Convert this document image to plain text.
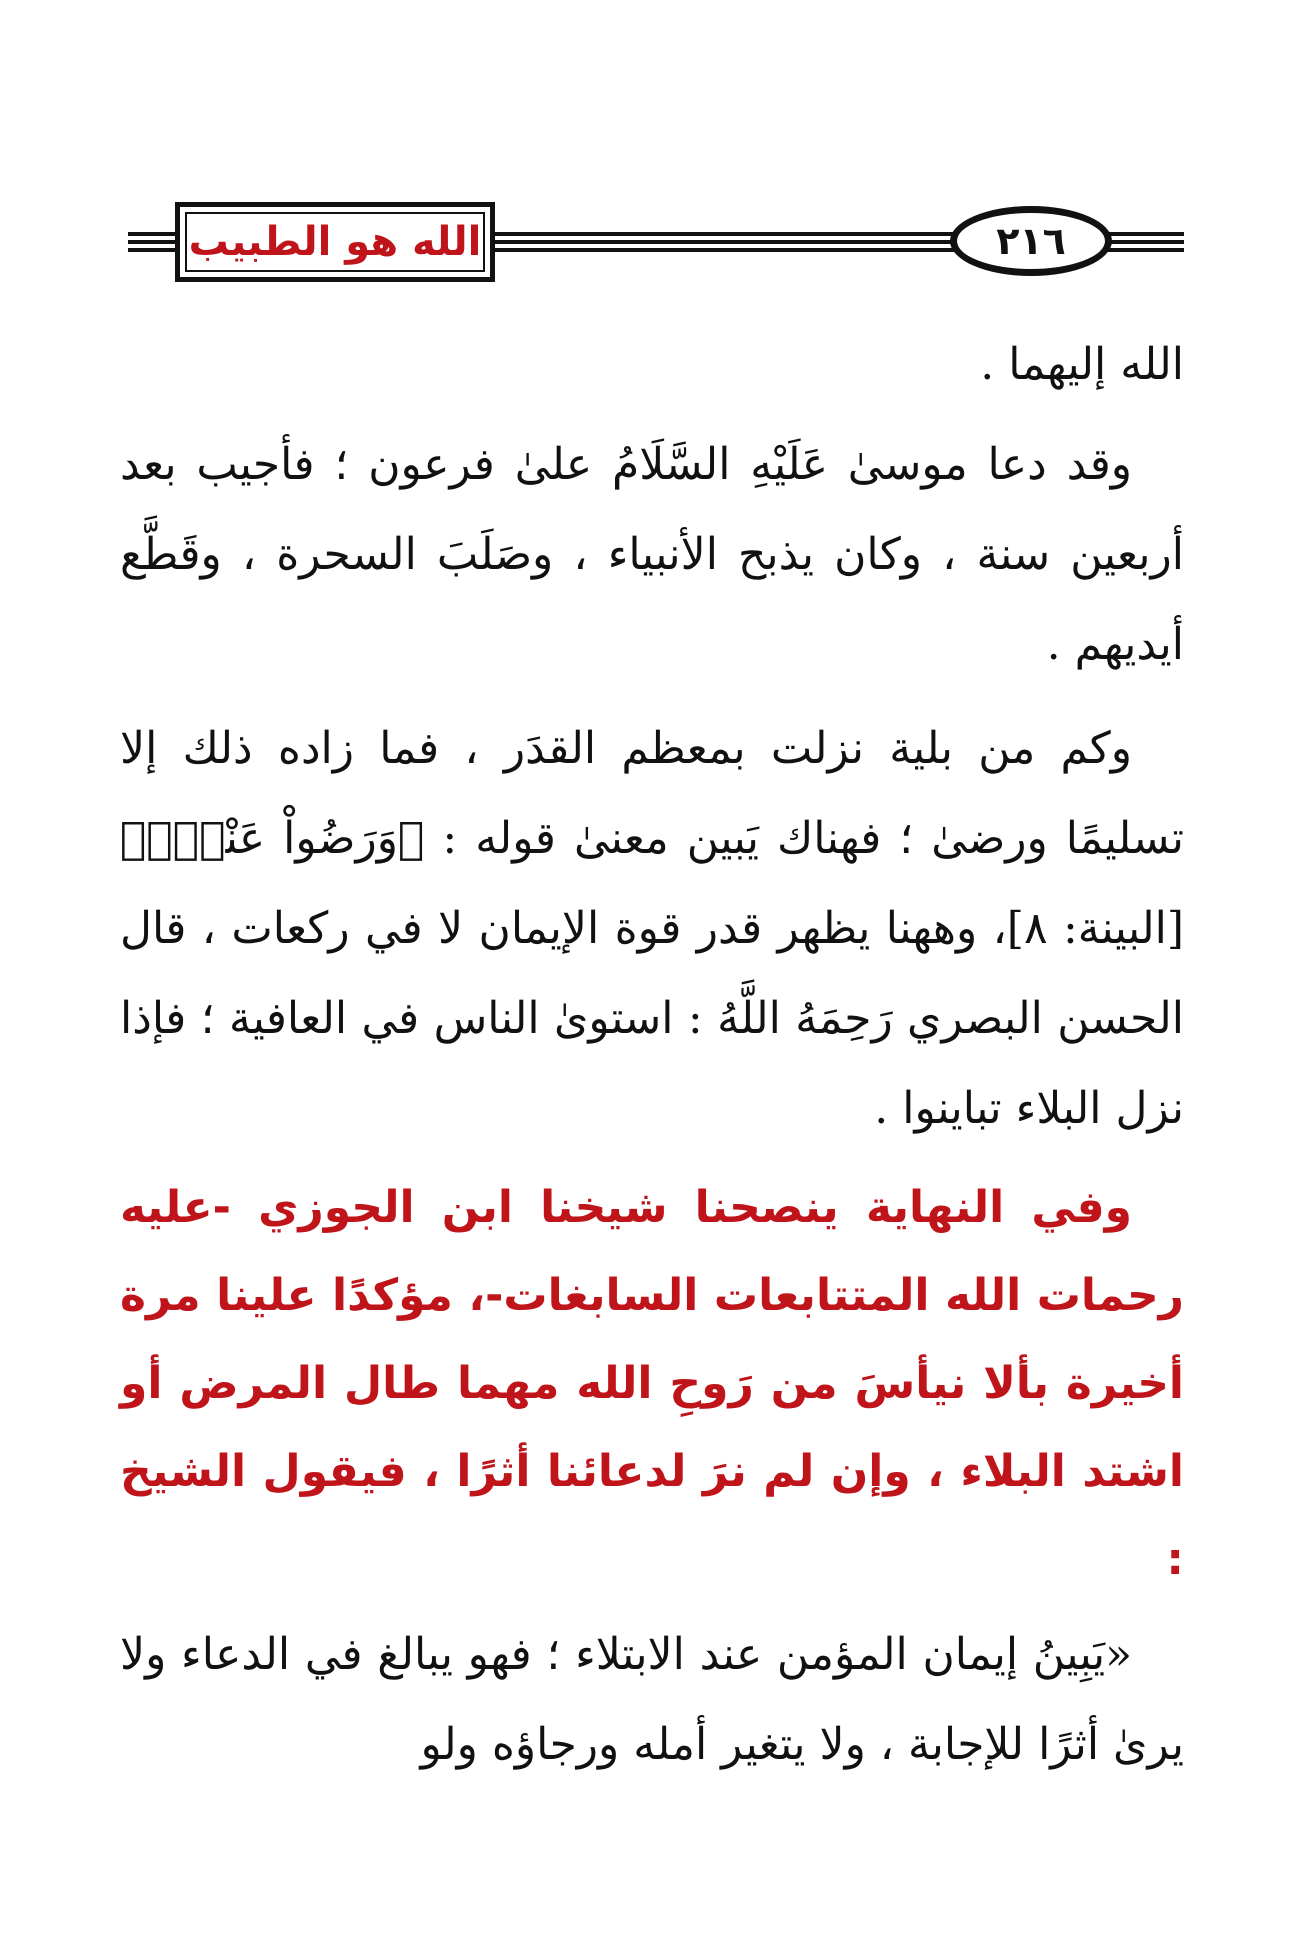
الله هو الطبيب	٢١٦

الله إليهما .

وقد دعا موسىٰ عَلَيْهِ السَّلَامُ علىٰ فرعون ؛ فأجيب بعد أربعين سنة ، وكان يذبح الأنبياء ، وصَلَبَ السحرة ، وقَطَّع أيديهم .

وكم من بلية نزلت بمعظم القدَر ، فما زاده ذلك إلا تسليمًا ورضىٰ ؛ فهناك يَبين معنىٰ قوله : ﴿وَرَضُواْ عَنْهُۚ﴾ [البينة: ٨]، وههنا يظهر قدر قوة الإيمان لا في ركعات ، قال الحسن البصري رَحِمَهُ اللَّهُ : استوىٰ الناس في العافية ؛ فإذا نزل البلاء تباينوا .

وفي النهاية ينصحنا شيخنا ابن الجوزي -عليه رحمات الله المتتابعات السابغات-، مؤكدًا علينا مرة أخيرة بألا نيأسَ من رَوحِ الله مهما طال المرض أو اشتد البلاء ، وإن لم نرَ لدعائنا أثرًا ، فيقول الشيخ :

«يَبِينُ إيمان المؤمن عند الابتلاء ؛ فهو يبالغ في الدعاء ولا يرىٰ أثرًا للإجابة ، ولا يتغير أمله ورجاؤه ولو
